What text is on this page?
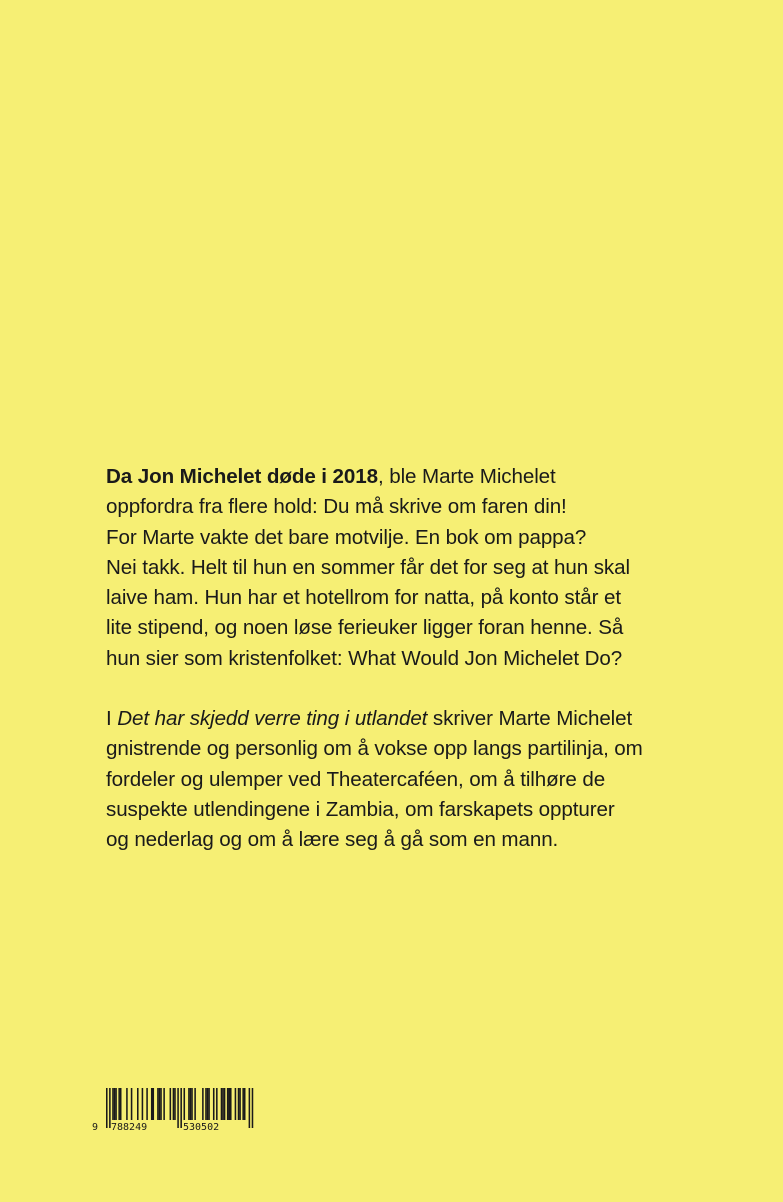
Da Jon Michelet døde i 2018, ble Marte Michelet
oppfordra fra flere hold: Du må skrive om faren din!
For Marte vakte det bare motvilje. En bok om pappa?
Nei takk. Helt til hun en sommer får det for seg at hun skal
laive ham. Hun har et hotellrom for natta, på konto står et
lite stipend, og noen løse ferieuker ligger foran henne. Så
hun sier som kristenfolket: What Would Jon Michelet Do?

I Det har skjedd verre ting i utlandet skriver Marte Michelet
gnistrende og personlig om å vokse opp langs partilinja, om
fordeler og ulemper ved Theatercaféen, om å tilhøre de
suspekte utlendingene i Zambia, om farskapets oppturer
og nederlag og om å lære seg å gå som en mann.

9 788249	530502
